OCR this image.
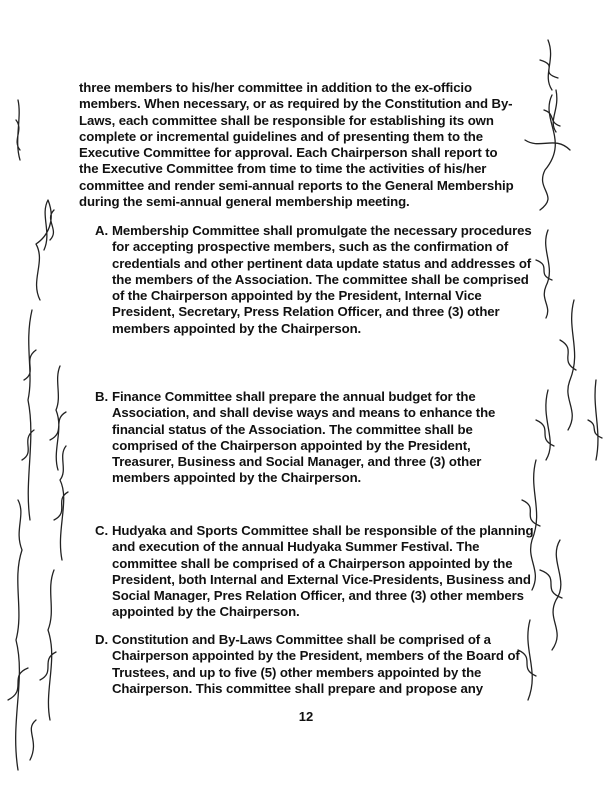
three members to his/her committee in addition to the ex-officio members. When necessary, or as required by the Constitution and By-Laws, each committee shall be responsible for establishing its own complete or incremental guidelines and of presenting them to the Executive Committee for approval. Each Chairperson shall report to the Executive Committee from time to time the activities of his/her committee and render semi-annual reports to the General Membership during the semi-annual general membership meeting.

A. Membership Committee shall promulgate the necessary procedures for accepting prospective members, such as the confirmation of credentials and other pertinent data update status and addresses of the members of the Association. The committee shall be comprised of the Chairperson appointed by the President, Internal Vice President, Secretary, Press Relation Officer, and three (3) other members appointed by the Chairperson.

B. Finance Committee shall prepare the annual budget for the Association, and shall devise ways and means to enhance the financial status of the Association. The committee shall be comprised of the Chairperson appointed by the President, Treasurer, Business and Social Manager, and three (3) other members appointed by the Chairperson.

C. Hudyaka and Sports Committee shall be responsible of the planning and execution of the annual Hudyaka Summer Festival. The committee shall be comprised of a Chairperson appointed by the President, both Internal and External Vice-Presidents, Business and Social Manager, Pres Relation Officer, and three (3) other members appointed by the Chairperson.

D. Constitution and By-Laws Committee shall be comprised of a Chairperson appointed by the President, members of the Board of Trustees, and up to five (5) other members appointed by the Chairperson. This committee shall prepare and propose any

12
